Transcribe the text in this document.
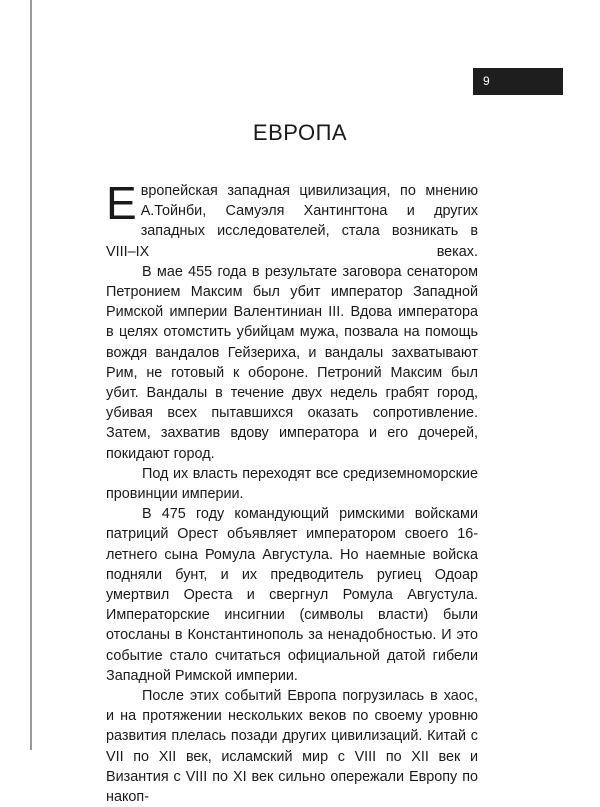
9
ЕВРОПА

Европейская западная цивилизация, по мнению А.Тойнби, Самуэля Хантингтона и других западных исследователей, стала возникать в VIII–IX веках.

В мае 455 года в результате заговора сенатором Петронием Максим был убит император Западной Римской империи Валентиниан III. Вдова императора в целях отомстить убийцам мужа, позвала на помощь вождя вандалов Гейзериха, и вандалы захватывают Рим, не готовый к обороне. Петроний Максим был убит. Вандалы в течение двух недель грабят город, убивая всех пытавшихся оказать сопротивление. Затем, захватив вдову императора и его дочерей, покидают город.

Под их власть переходят все средиземноморские провинции империи.

В 475 году командующий римскими войсками патриций Орест объявляет императором своего 16-летнего сына Ромула Августула. Но наемные войска подняли бунт, и их предводитель ругиец Одоар умертвил Ореста и свергнул Ромула Августула. Императорские инсигнии (символы власти) были отосланы в Константинополь за ненадобностью. И это событие стало считаться официальной датой гибели Западной Римской империи.

После этих событий Европа погрузилась в хаос, и на протяжении нескольких веков по своему уровню развития плелась позади других цивилизаций. Китай с VII по XII век, исламский мир с VIII по XII век и Византия с VIII по XI век сильно опережали Европу по накоп-
